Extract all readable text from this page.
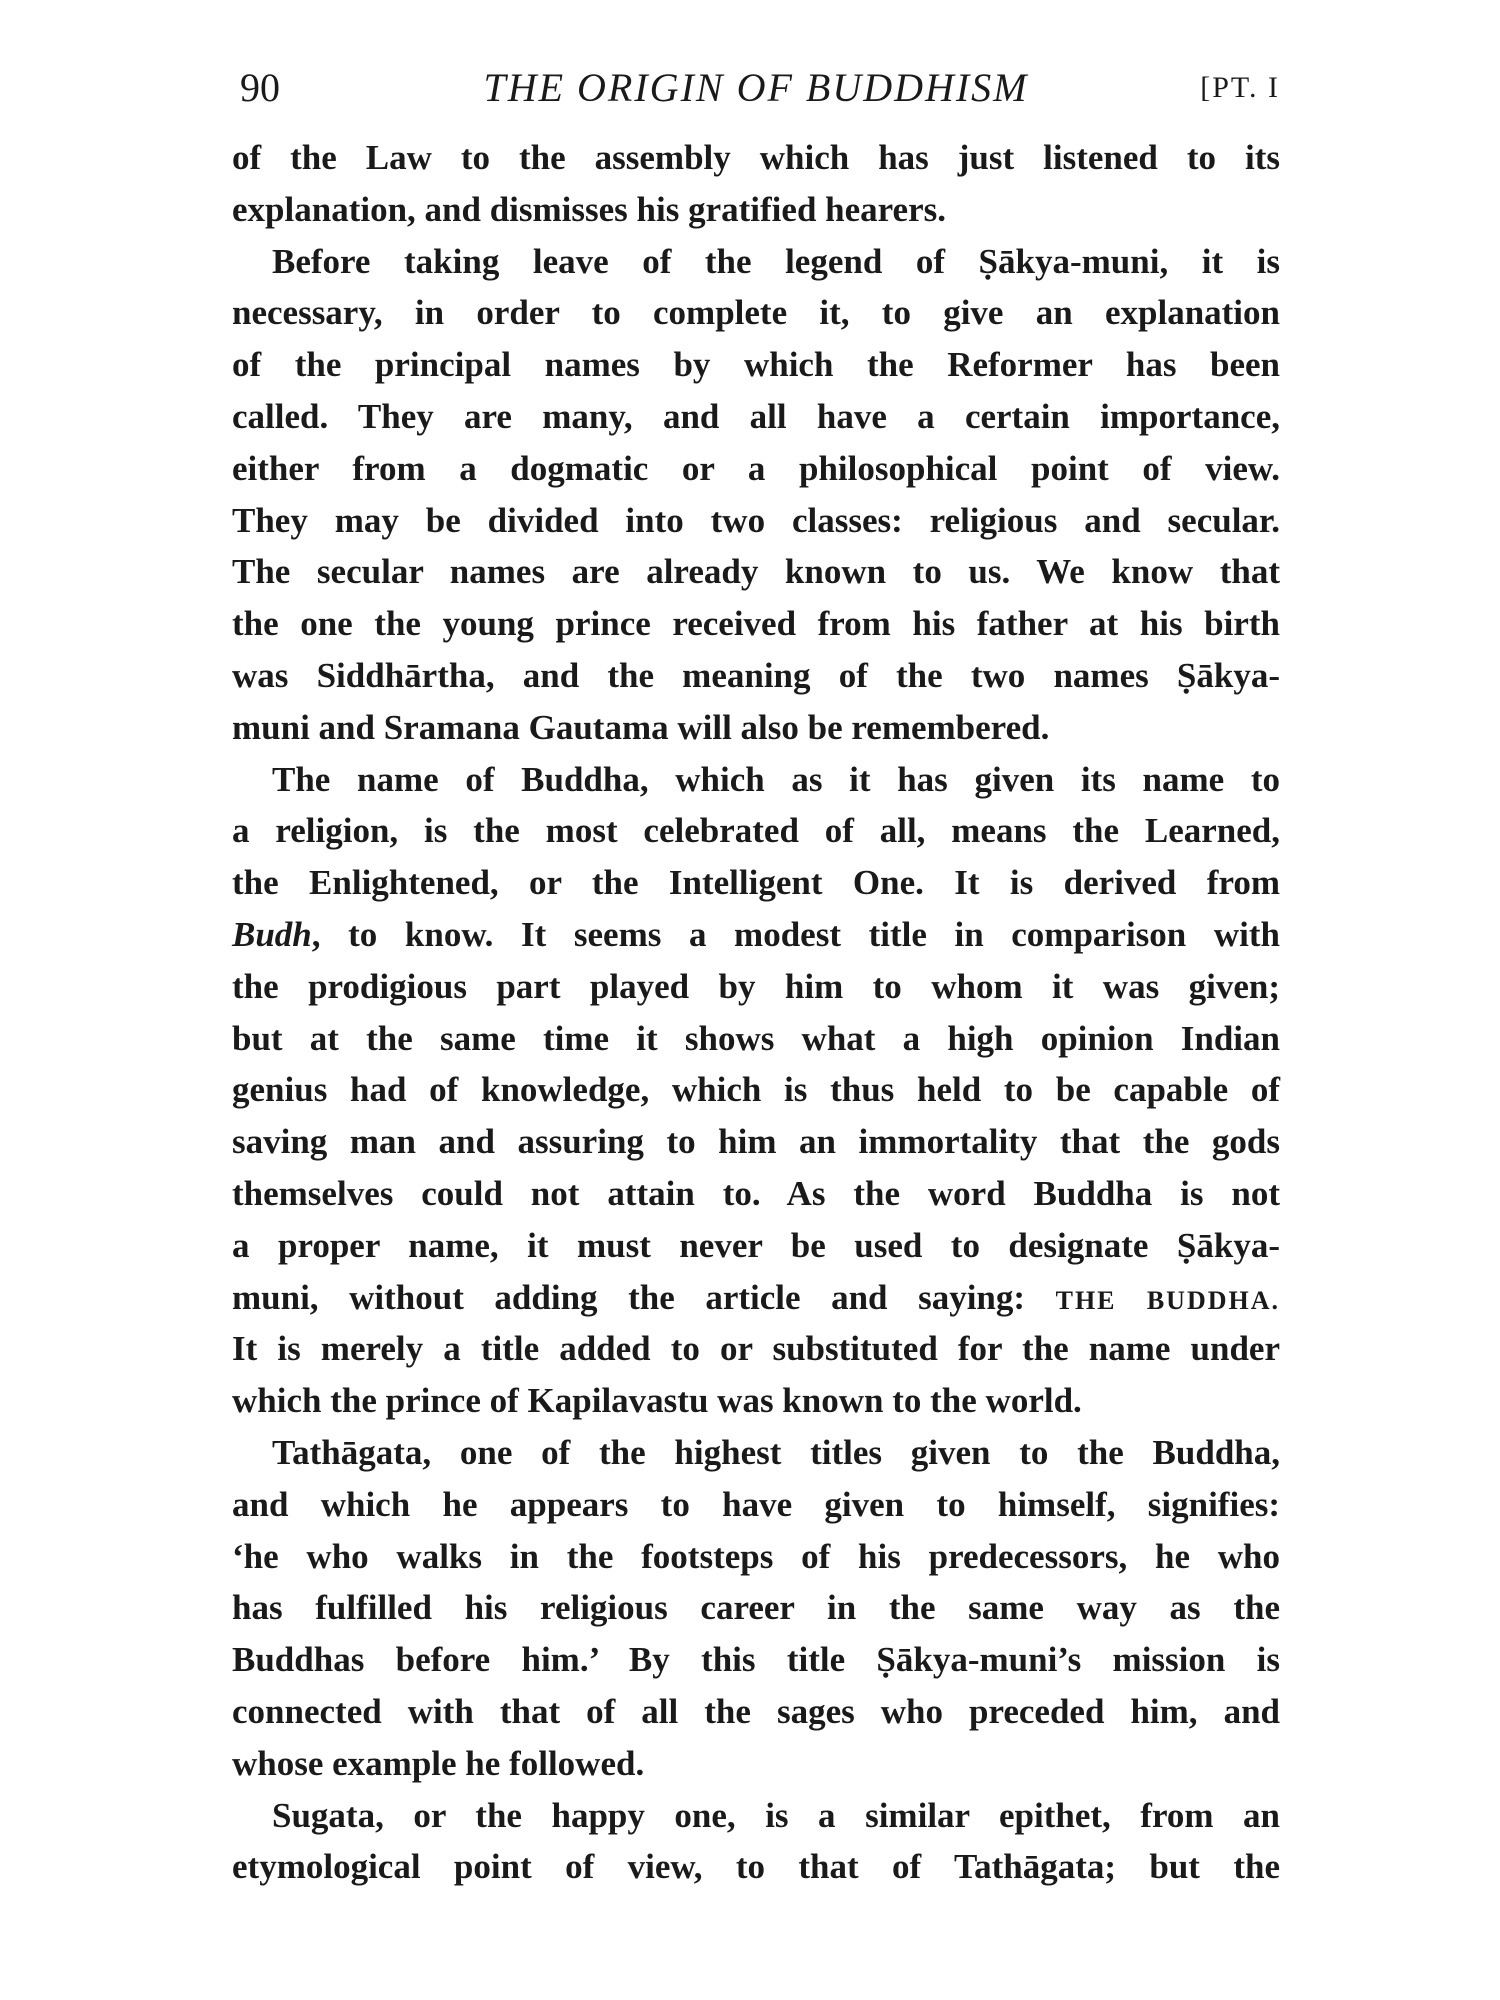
90	THE ORIGIN OF BUDDHISM	[PT. I
of the Law to the assembly which has just listened to its
explanation, and dismisses his gratified hearers.
Before taking leave of the legend of Ṣākya-muni, it is
necessary, in order to complete it, to give an explanation
of the principal names by which the Reformer has been
called. They are many, and all have a certain importance,
either from a dogmatic or a philosophical point of view.
They may be divided into two classes: religious and secular.
The secular names are already known to us. We know that
the one the young prince received from his father at his birth
was Siddhārtha, and the meaning of the two names Ṣākya-
muni and Sramana Gautama will also be remembered.
The name of Buddha, which as it has given its name to
a religion, is the most celebrated of all, means the Learned,
the Enlightened, or the Intelligent One. It is derived from
Budh, to know. It seems a modest title in comparison with
the prodigious part played by him to whom it was given;
but at the same time it shows what a high opinion Indian
genius had of knowledge, which is thus held to be capable of
saving man and assuring to him an immortality that the gods
themselves could not attain to. As the word Buddha is not
a proper name, it must never be used to designate Ṣākya-
muni, without adding the article and saying: THE BUDDHA.
It is merely a title added to or substituted for the name under
which the prince of Kapilavastu was known to the world.
Tathāgata, one of the highest titles given to the Buddha,
and which he appears to have given to himself, signifies:
‘he who walks in the footsteps of his predecessors, he who
has fulfilled his religious career in the same way as the
Buddhas before him.’ By this title Ṣākya-muni’s mission is
connected with that of all the sages who preceded him, and
whose example he followed.
Sugata, or the happy one, is a similar epithet, from an
etymological point of view, to that of Tathāgata; but the
